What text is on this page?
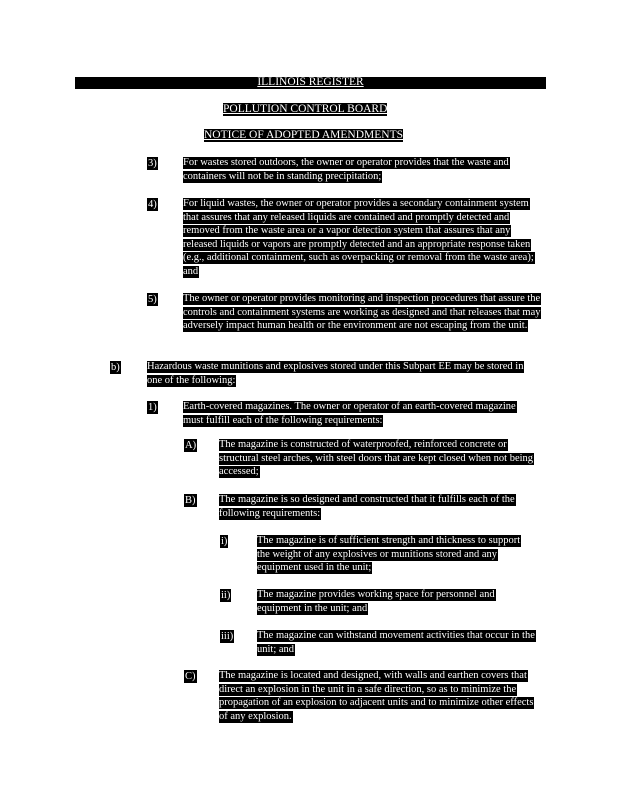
ILLINOIS REGISTER
POLLUTION CONTROL BOARD
NOTICE OF ADOPTED AMENDMENTS
3)	For wastes stored outdoors, the owner or operator provides that the waste and containers will not be in standing precipitation;

4)	For liquid wastes, the owner or operator provides a secondary containment system that assures that any released liquids are contained and promptly detected and removed from the waste area or a vapor detection system that assures that any released liquids or vapors are promptly detected and an appropriate response taken (e.g., additional containment, such as overpacking or removal from the waste area); and

5)	The owner or operator provides monitoring and inspection procedures that assure the controls and containment systems are working as designed and that releases that may adversely impact human health or the environment are not escaping from the unit.

b)	Hazardous waste munitions and explosives stored under this Subpart EE may be stored in one of the following:

1)	Earth-covered magazines. The owner or operator of an earth-covered magazine must fulfill each of the following requirements:

A) The magazine is constructed of waterproofed, reinforced concrete or structural steel arches, with steel doors that are kept closed when not being accessed;

B) The magazine is so designed and constructed that it fulfills each of the following requirements:

i)	The magazine is of sufficient strength and thickness to support the weight of any explosives or munitions stored and any equipment used in the unit;

ii)	The magazine provides working space for personnel and equipment in the unit; and

iii) The magazine can withstand movement activities that occur in the unit; and

C) The magazine is located and designed, with walls and earthen covers that direct an explosion in the unit in a safe direction, so as to minimize the propagation of an explosion to adjacent units and to minimize other effects of any explosion.
